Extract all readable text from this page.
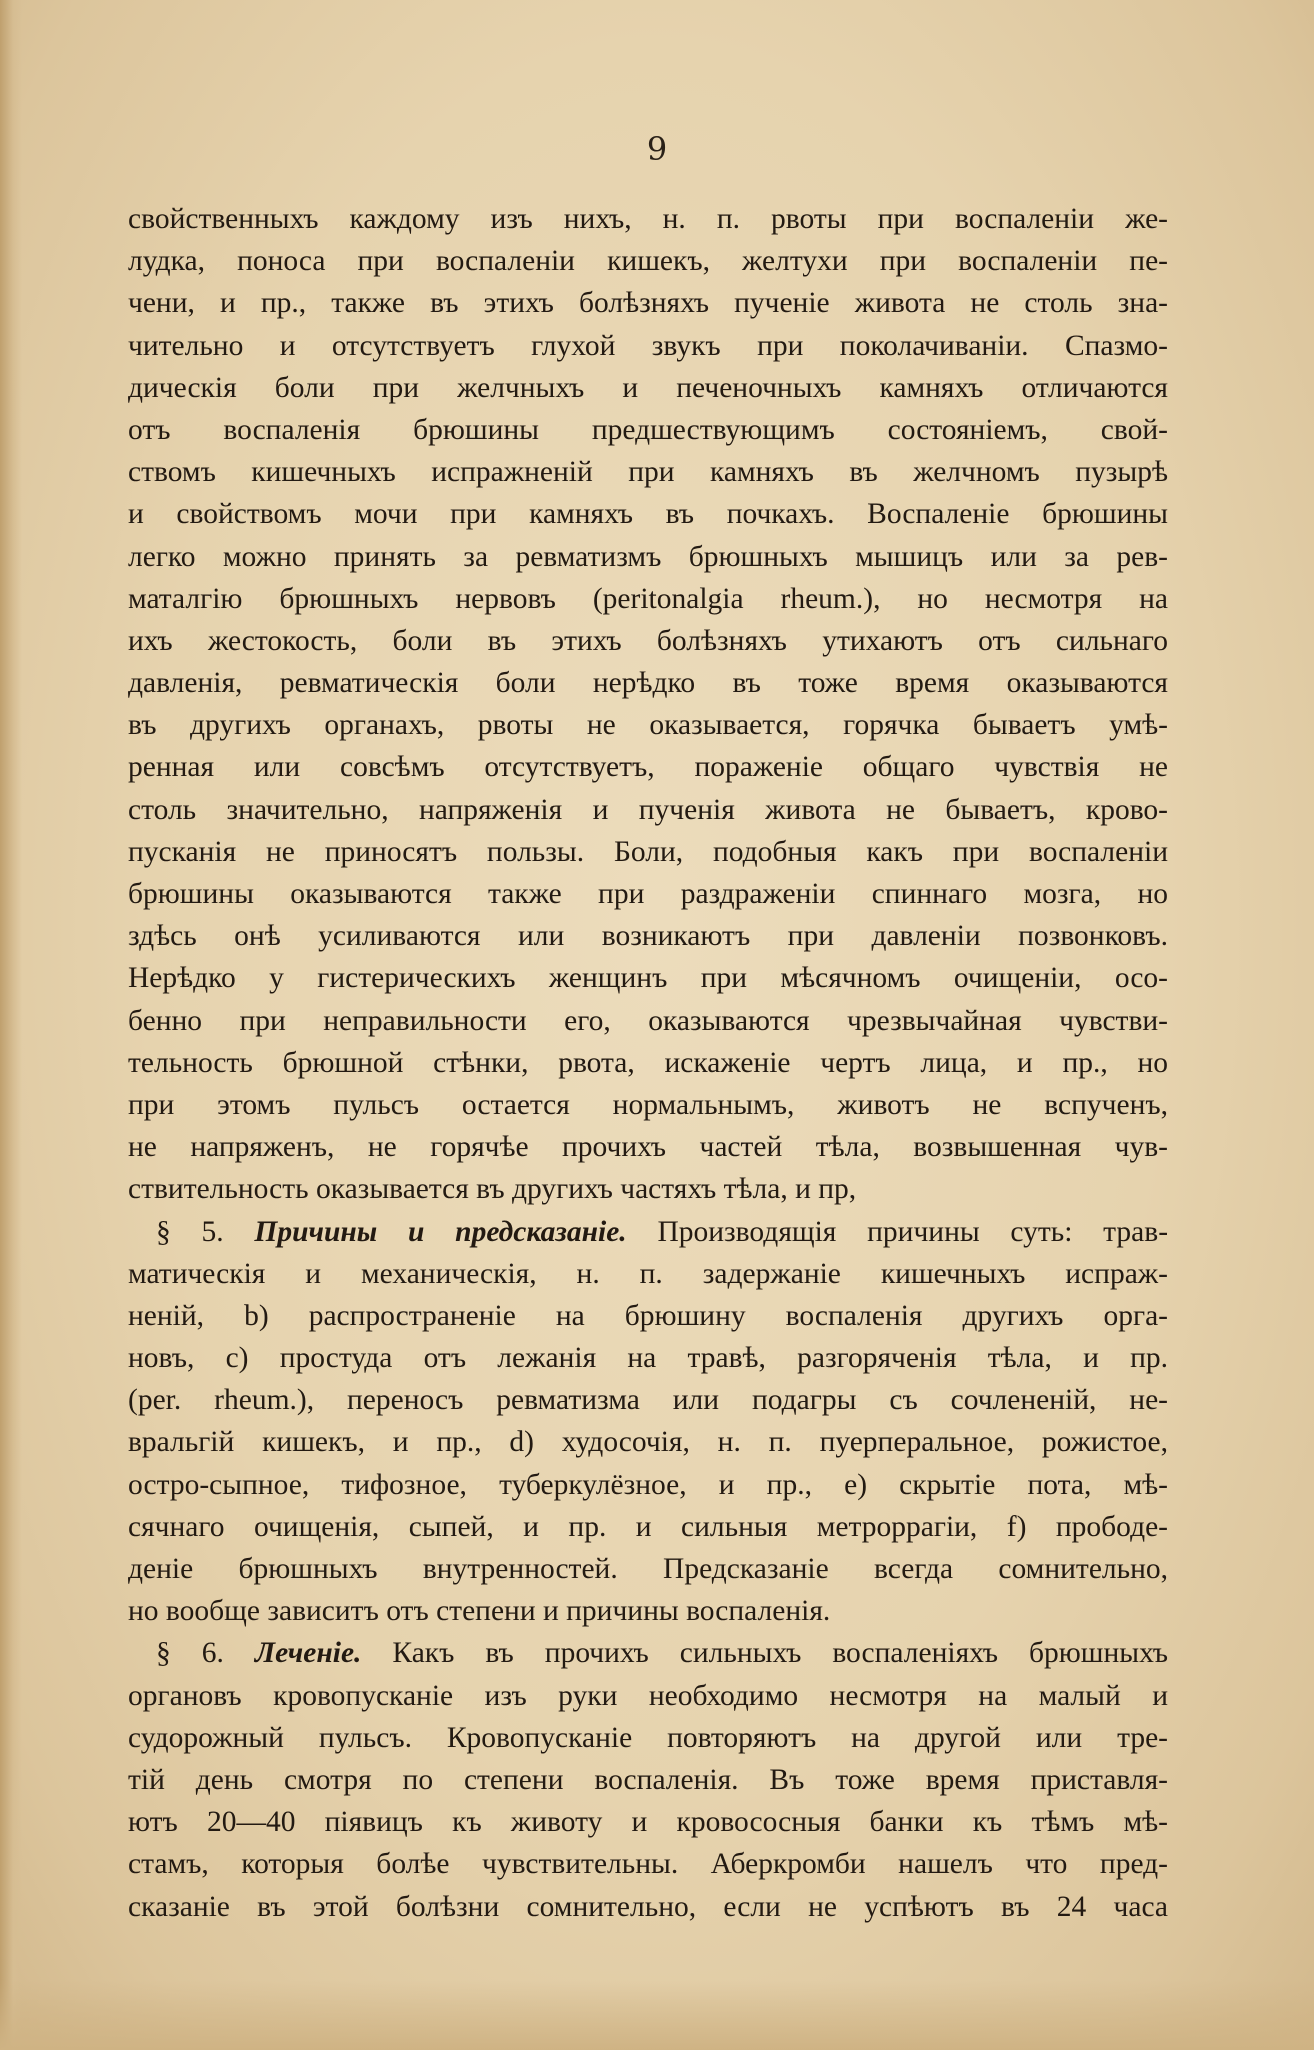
9
свойственныхъ каждому изъ нихъ, н. п. рвоты при воспаленіи же-
лудка, поноса при воспаленіи кишекъ, желтухи при воспаленіи пе-
чени, и пр., также въ этихъ болѣзняхъ пученіе живота не столь зна-
чительно и отсутствуетъ глухой звукъ при поколачиваніи. Спазмо-
дическія боли при желчныхъ и печеночныхъ камняхъ отличаются
отъ воспаленія брюшины предшествующимъ состояніемъ, свой-
ствомъ кишечныхъ испражненій при камняхъ въ желчномъ пузырѣ
и свойствомъ мочи при камняхъ въ почкахъ. Воспаленіе брюшины
легко можно принять за ревматизмъ брюшныхъ мышицъ или за рев-
маталгію брюшныхъ нервовъ (peritonalgia rheum.), но несмотря на
ихъ жестокость, боли въ этихъ болѣзняхъ утихаютъ отъ сильнаго
давленія, ревматическія боли нерѣдко въ тоже время оказываются
въ другихъ органахъ, рвоты не оказывается, горячка бываетъ умѣ-
ренная или совсѣмъ отсутствуетъ, пораженіе общаго чувствія не
столь значительно, напряженія и пученія живота не бываетъ, крово-
пусканія не приносятъ пользы. Боли, подобныя какъ при воспаленіи
брюшины оказываются также при раздраженіи спиннаго мозга, но
здѣсь онѣ усиливаются или возникаютъ при давленіи позвонковъ.
Нерѣдко у гистерическихъ женщинъ при мѣсячномъ очищеніи, осо-
бенно при неправильности его, оказываются чрезвычайная чувстви-
тельность брюшной стѣнки, рвота, искаженіе чертъ лица, и пр., но
при этомъ пульсъ остается нормальнымъ, животъ не вспученъ,
не напряженъ, не горячѣе прочихъ частей тѣла, возвышенная чув-
ствительность оказывается въ другихъ частяхъ тѣла, и пр,
§ 5. Причины и предсказаніе. Производящія причины суть: трав-
матическія и механическія, н. п. задержаніе кишечныхъ испраж-
неній, b) распространеніе на брюшину воспаленія другихъ орга-
новъ, c) простуда отъ лежанія на травѣ, разгоряченія тѣла, и пр.
(per. rheum.), переносъ ревматизма или подагры съ сочлененій, не-
вральгій кишекъ, и пр., d) худосочія, н. п. пуерперальное, рожистое,
остро-сыпное, тифозное, туберкулёзное, и пр., e) скрытіе пота, мѣ-
сячнаго очищенія, сыпей, и пр. и сильныя метроррагіи, f) прободе-
деніе брюшныхъ внутренностей. Предсказаніе всегда сомнительно,
но вообще зависитъ отъ степени и причины воспаленія.
§ 6. Леченіе. Какъ въ прочихъ сильныхъ воспаленіяхъ брюшныхъ
органовъ кровопусканіе изъ руки необходимо несмотря на малый и
судорожный пульсъ. Кровопусканіе повторяютъ на другой или тре-
тій день смотря по степени воспаленія. Въ тоже время приставля-
ютъ 20—40 піявицъ къ животу и кровососныя банки къ тѣмъ мѣ-
стамъ, которыя болѣе чувствительны. Аберкромби нашелъ что пред-
сказаніе въ этой болѣзни сомнительно, если не успѣютъ въ 24 часа
